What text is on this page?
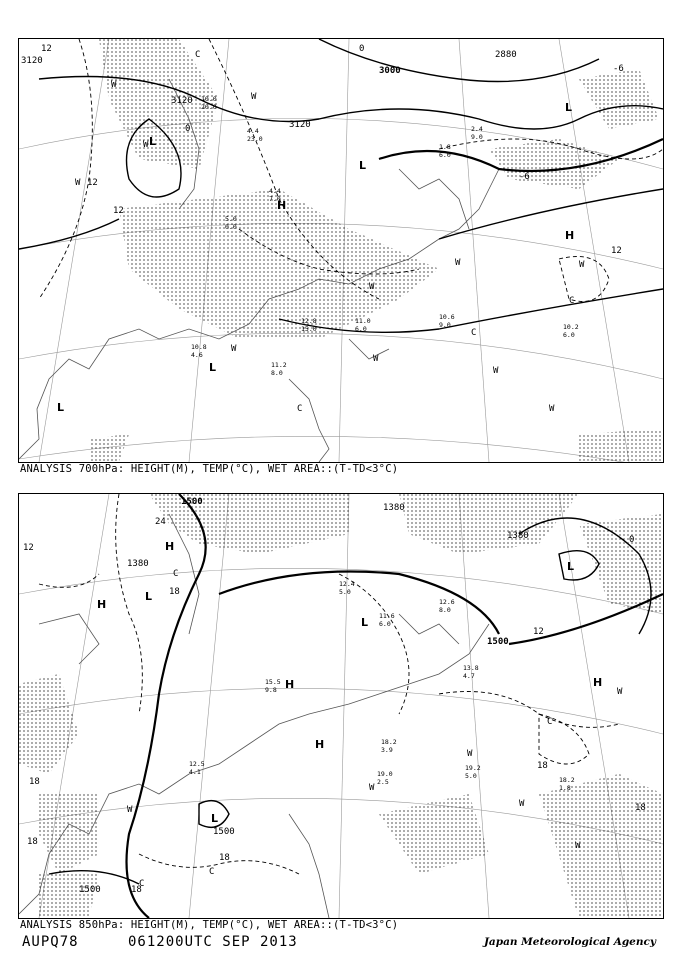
3120
3120
3120
3000
2880
12
12
12
12
0
0
-6
-6
L
L
L
L
L
H
H
W
W
W
W
W
W
W
W
W
W
W
C
C
C
C
10.0
20.0
4.4
23.0
4.4
7.0
5.0
0.0
12.8
15.0
11.0
6.0
10.6
9.0	10.2
6.0
11.2
8.0
10.8
4.6
1.8
6.0
2.4
9.0
ANALYSIS 700hPa: HEIGHT(M), TEMP(°C), WET AREA::(T-TD<3°C)
1500
1500
1500
1500
1380
1380
1380
24
18
18
18
18
18
18
12
12
0
18
H
H
H
H
H
L
L
L
L
W
W
W
W
W
W
C
C
C
C
12.4
5.0
11.6
6.0
12.6
8.0
19.2
5.0	18.2
1.8
19.0
2.5
15.5
9.8
13.8
4.7
12.5
4.1
18.2
3.9
ANALYSIS 850hPa: HEIGHT(M), TEMP(°C), WET AREA::(T-TD<3°C)
AUPQ78	061200UTC SEP 2013	Japan Meteorological Agency
